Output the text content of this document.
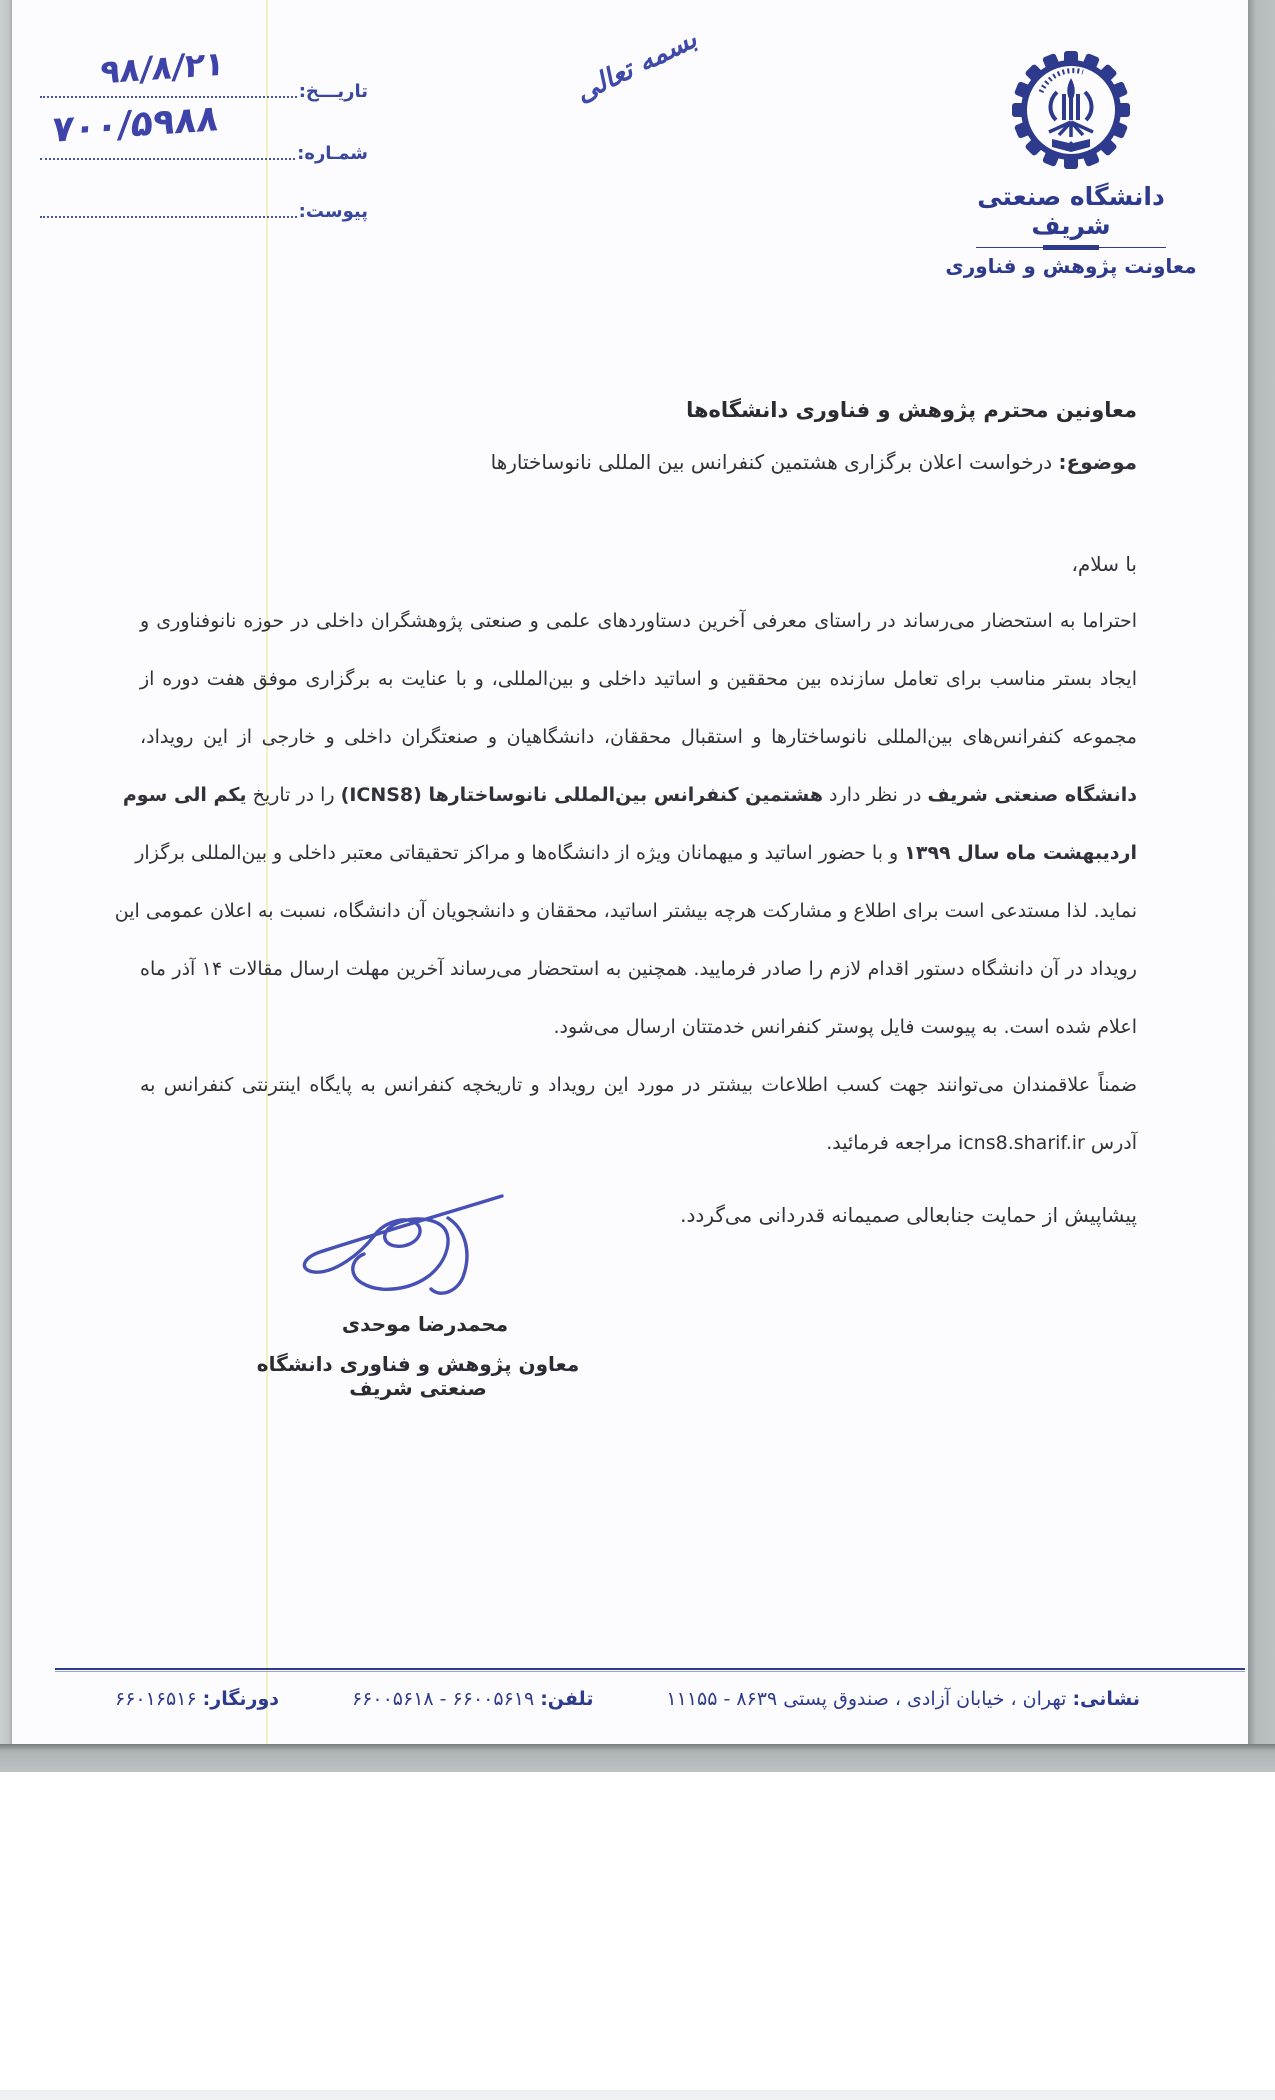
تاریـــخ:
شمـاره:
پیوست:
۹۸/۸/۲۱
۷۰۰/۵۹۸۸
بسمه تعالی
دانشگاه صنعتی شریف
معاونت پژوهش و فناوری
معاونین محترم پژوهش و فناوری دانشگاه‌ها
موضوع: درخواست اعلان برگزاری هشتمین کنفرانس بین المللی نانوساختارها
با سلام،
احتراما به استحضار می‌رساند در راستای معرفی آخرین دستاوردهای علمی و صنعتی پژوهشگران داخلی در حوزه نانوفناوری و
ایجاد بستر مناسب برای تعامل سازنده بین محققین و اساتید داخلی و بین‌المللی، و با عنایت به برگزاری موفق هفت دوره از
مجموعه کنفرانس‌های بین‌المللی نانوساختارها و استقبال محققان، دانشگاهیان و صنعتگران داخلی و خارجی از این رویداد،
دانشگاه صنعتی شریف در نظر دارد هشتمین کنفرانس بین‌المللی نانوساختارها (ICNS8) را در تاریخ یکم الی سوم
اردیبهشت ماه سال ۱۳۹۹ و با حضور اساتید و میهمانان ویژه از دانشگاه‌ها و مراکز تحقیقاتی معتبر داخلی و بین‌المللی برگزار
نماید. لذا مستدعی است برای اطلاع و مشارکت هرچه بیشتر اساتید، محققان و دانشجویان آن دانشگاه، نسبت به اعلان عمومی این
رویداد در آن دانشگاه دستور اقدام لازم را صادر فرمایید. همچنین به استحضار می‌رساند آخرین مهلت ارسال مقالات ۱۴ آذر ماه
اعلام شده است. به پیوست فایل پوستر کنفرانس خدمتتان ارسال می‌شود.
ضمناً علاقمندان می‌توانند جهت کسب اطلاعات بیشتر در مورد این رویداد و تاریخچه کنفرانس به پایگاه اینترنتی کنفرانس به
آدرس icns8.sharif.ir مراجعه فرمائید.
پیشاپیش از حمایت جنابعالی صمیمانه قدردانی می‌گردد.
محمدرضا موحدی
معاون پژوهش و فناوری دانشگاه صنعتی شریف
نشانی:تهران ، خیابان آزادی ، صندوق پستی ۸۶۳۹ - ۱۱۱۵۵
تلفن:۶۶۰۰۵۶۱۹ - ۶۶۰۰۵۶۱۸
دورنگار:۶۶۰۱۶۵۱۶
